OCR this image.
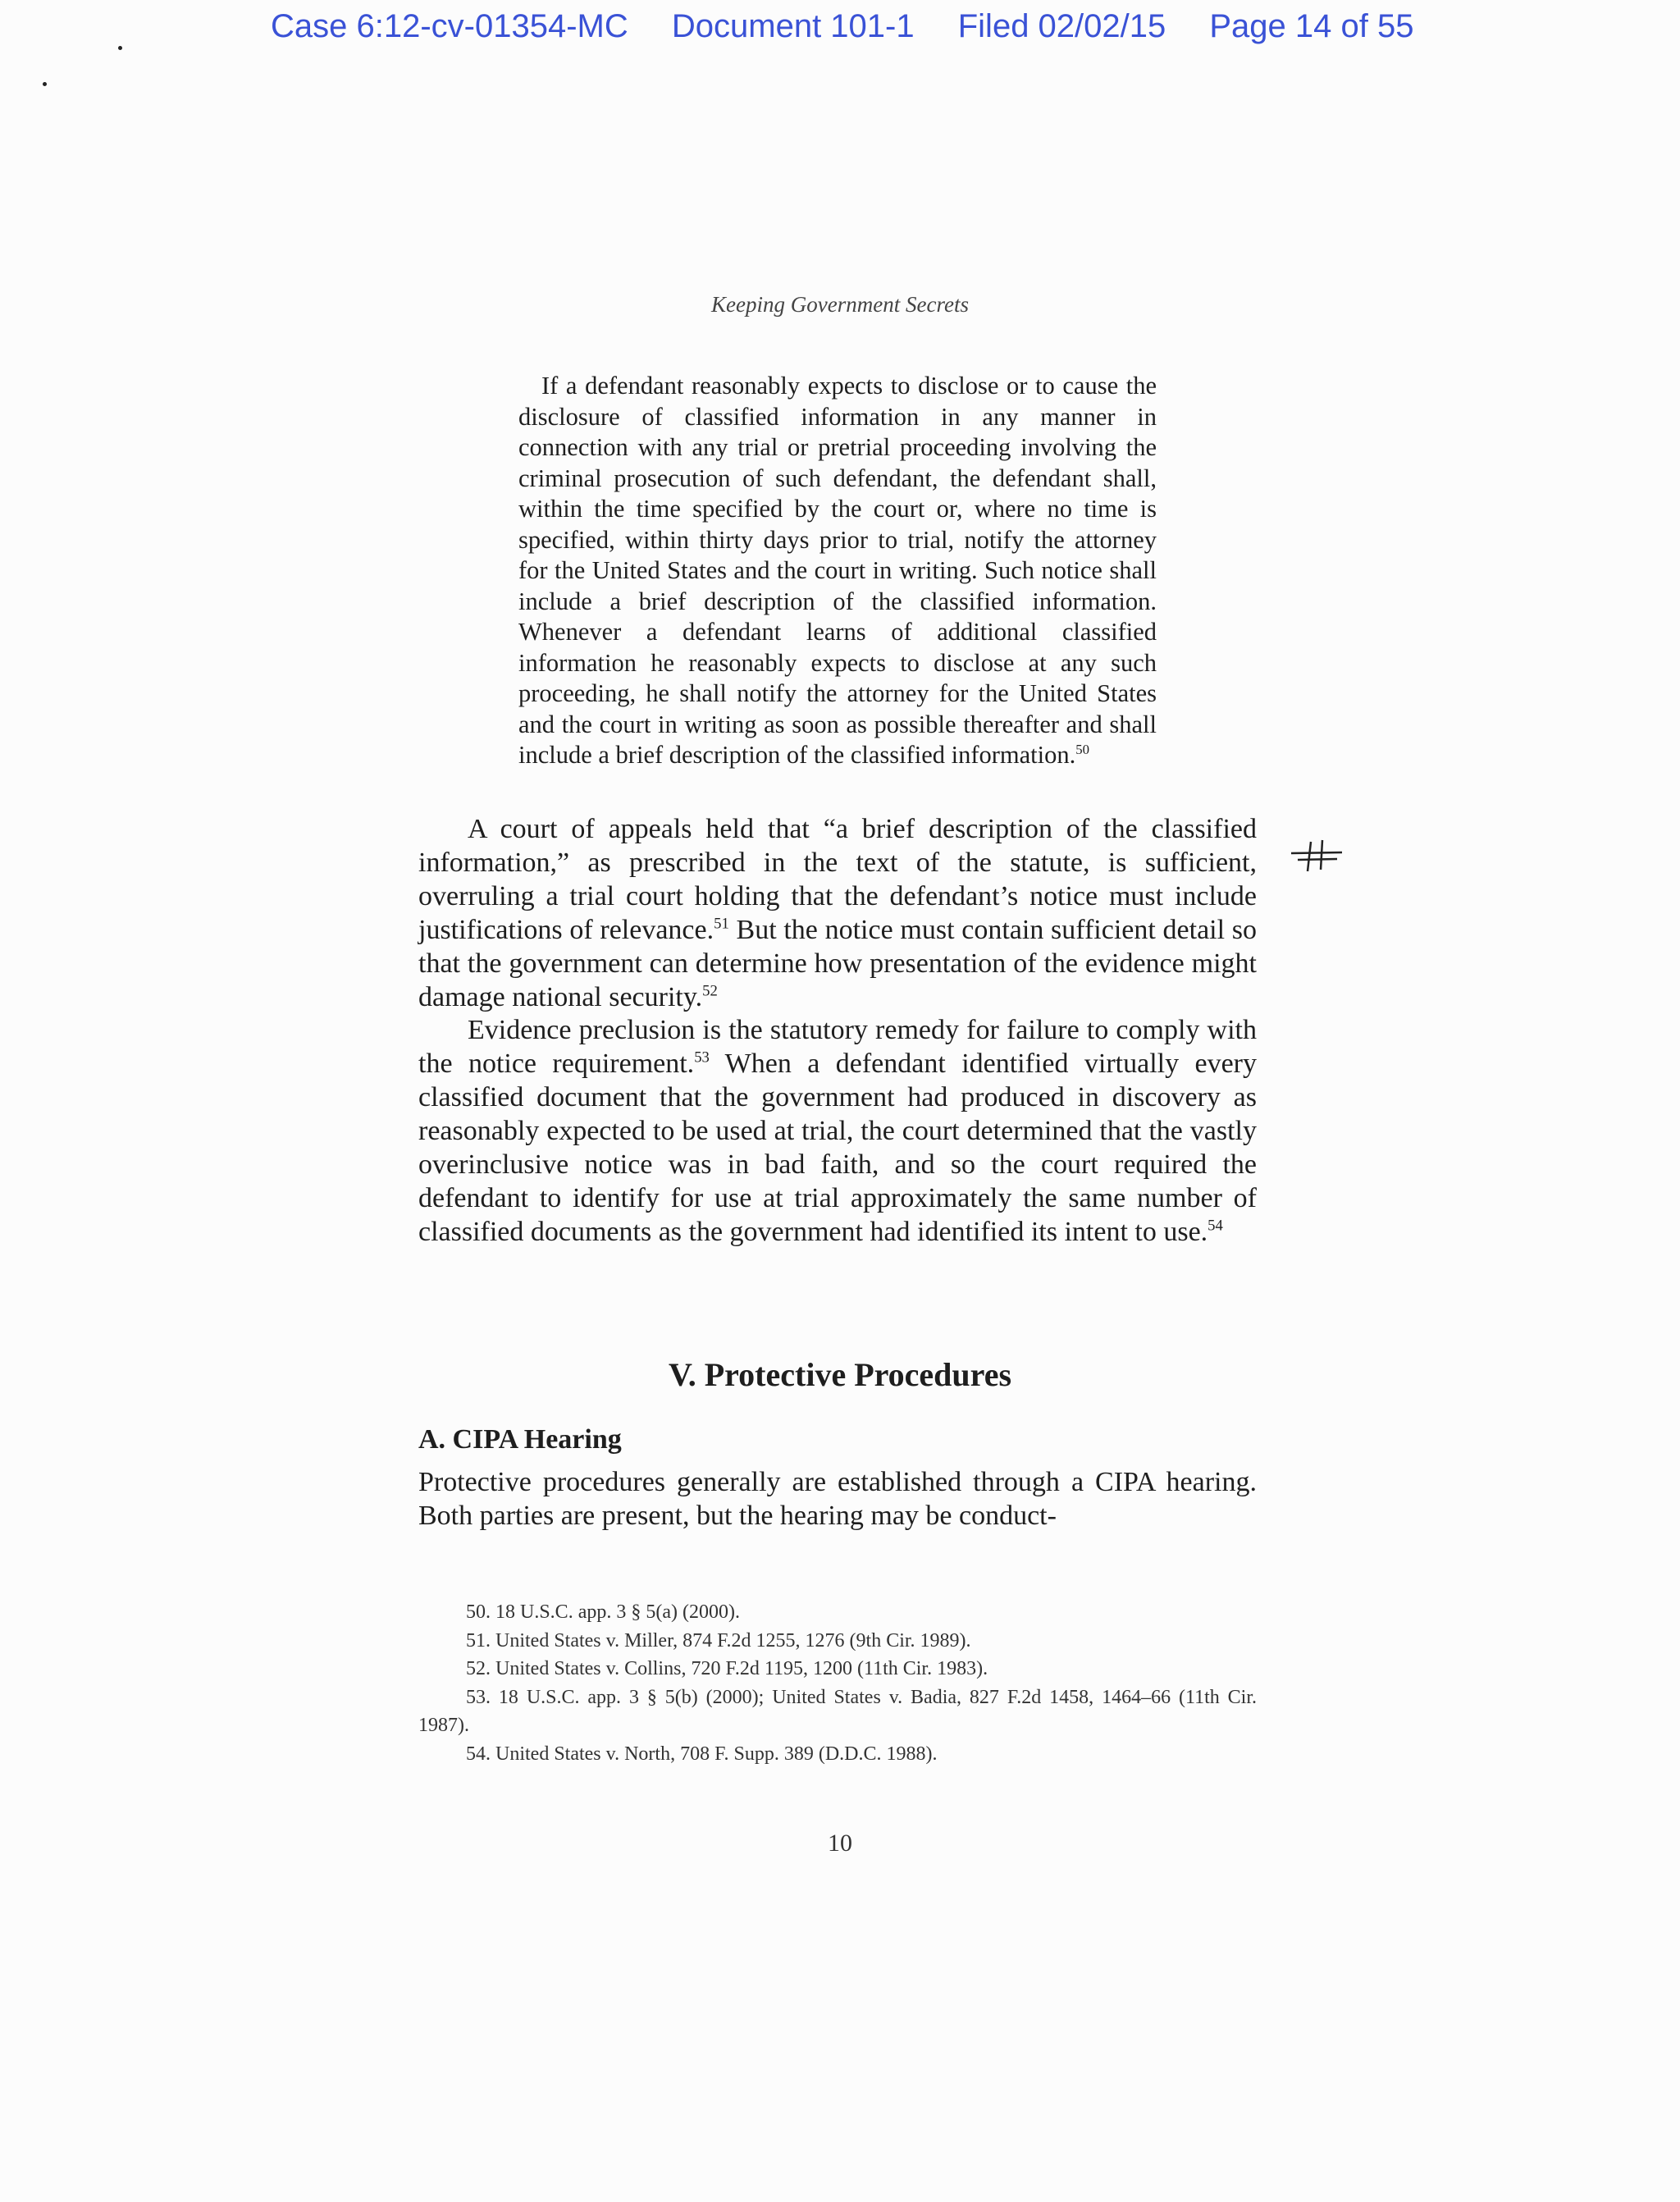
Case 6:12-cv-01354-MC Document 101-1 Filed 02/02/15 Page 14 of 55
Keeping Government Secrets

If a defendant reasonably expects to disclose or to cause the disclosure of classified information in any manner in connection with any trial or pretrial proceeding involving the criminal prosecution of such defendant, the defendant shall, within the time specified by the court or, where no time is specified, within thirty days prior to trial, notify the attorney for the United States and the court in writing. Such notice shall include a brief description of the classified information. Whenever a defendant learns of additional classified information he reasonably expects to disclose at any such proceeding, he shall notify the attorney for the United States and the court in writing as soon as possible thereafter and shall include a brief description of the classified information.$^{50}$

A court of appeals held that “a brief description of the classified information,” as prescribed in the text of the statute, is sufficient, overruling a trial court holding that the defendant’s notice must include justifications of relevance.$^{51}$ But the notice must contain sufficient detail so that the government can determine how presentation of the evidence might damage national security.$^{52}$

Evidence preclusion is the statutory remedy for failure to comply with the notice requirement.$^{53}$ When a defendant identified virtually every classified document that the government had produced in discovery as reasonably expected to be used at trial, the court determined that the vastly overinclusive notice was in bad faith, and so the court required the defendant to identify for use at trial approximately the same number of classified documents as the government had identified its intent to use.$^{54}$

V. Protective Procedures
A. CIPA Hearing

Protective procedures generally are established through a CIPA hearing. Both parties are present, but the hearing may be conduct-

50. 18 U.S.C. app. 3 § 5(a) (2000).

51. United States v. Miller, 874 F.2d 1255, 1276 (9th Cir. 1989).

52. United States v. Collins, 720 F.2d 1195, 1200 (11th Cir. 1983).

53. 18 U.S.C. app. 3 § 5(b) (2000); United States v. Badia, 827 F.2d 1458, 1464–66 (11th Cir. 1987).

54. United States v. North, 708 F. Supp. 389 (D.D.C. 1988).

10
